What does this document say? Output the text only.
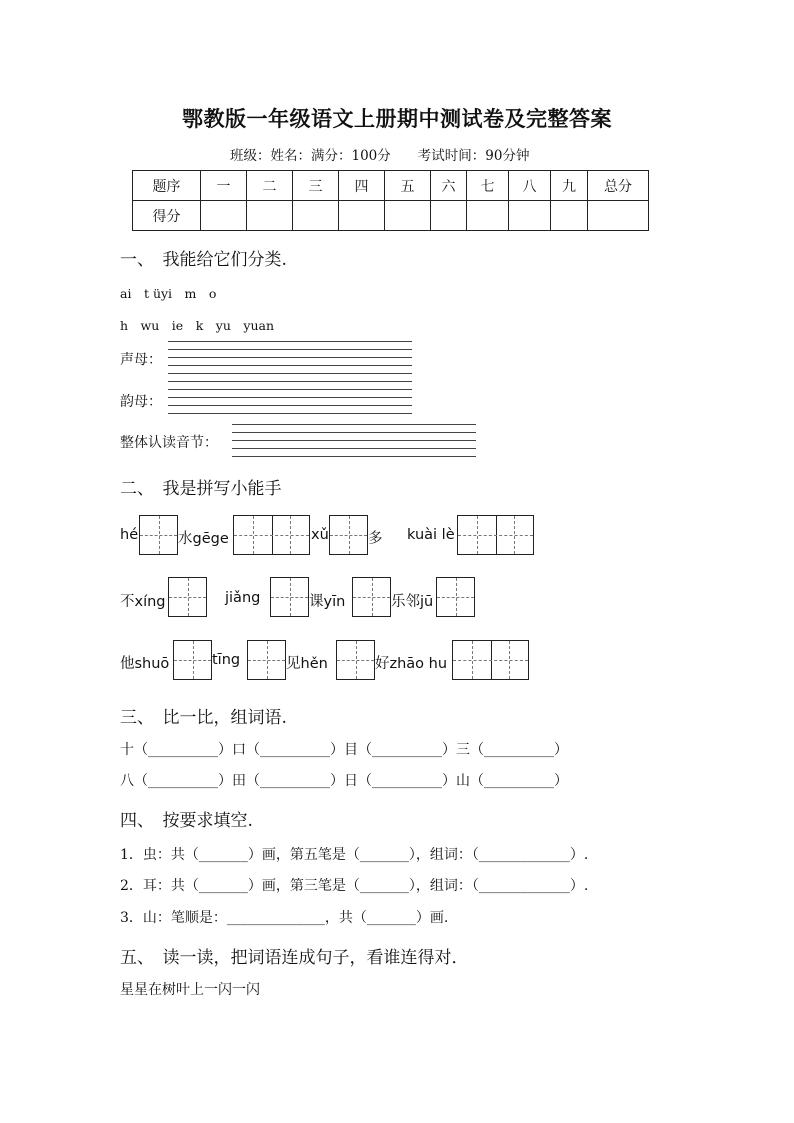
鄂教版一年级语文上册期中测试卷及完整答案
班级：姓名：满分：100分　　考试时间：90分钟
题序	一	二	三	四	五	六	七	八	九	总分
得分										
一、　我能给它们分类.
ai　t üyi　m　o
h　wu　ie　k　yu　yuan
声母：
韵母：
整体认读音节：
二、　我是拼写小能手
hé	水gēge	xǔ	多 kuài lè
不xíng	jiǎng	课yīn	乐邻jū
他shuō	tīng	见hěn	好zhāo hu
三、　比一比，组词语.
十（__________）口（__________）目（__________）三（__________）
八（__________）田（__________）日（__________）山（__________）
四、　按要求填空.
1．虫：共（_______）画，第五笔是（_______），组词：（_____________）.
2．耳：共（_______）画，第三笔是（_______），组词：（_____________）.
3．山：笔顺是：______________，共（_______）画.
五、　读一读，把词语连成句子，看谁连得对．
星星在树叶上一闪一闪
